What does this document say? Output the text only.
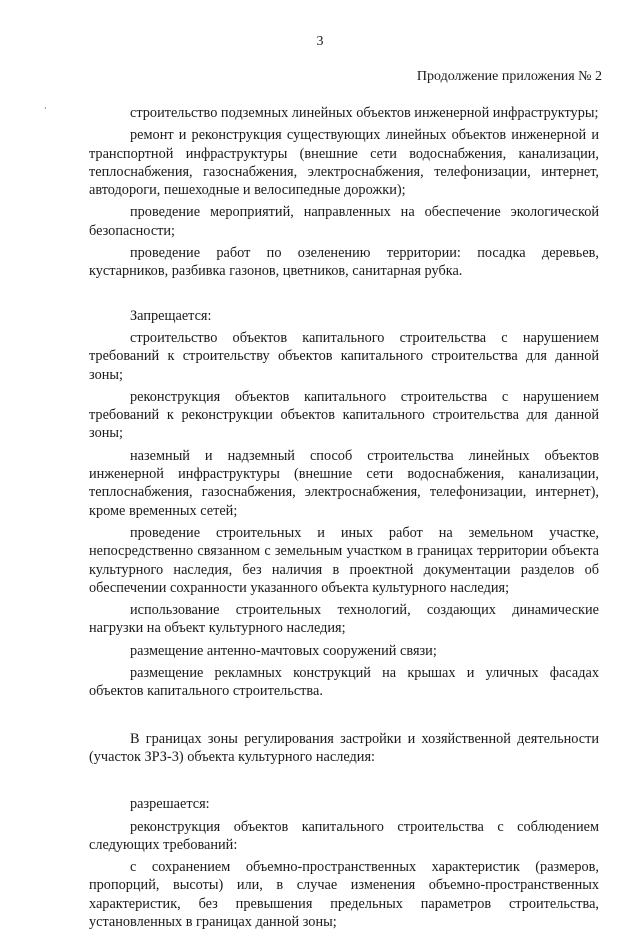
3
Продолжение приложения № 2
¸

строительство подземных линейных объектов инженерной инфраструктуры;

ремонт и реконструкция существующих линейных объектов инженерной и транспортной инфраструктуры (внешние сети водоснабжения, канализации, теплоснабжения, газоснабжения, электроснабжения, телефонизации, интернет, автодороги, пешеходные и велосипедные дорожки);

проведение мероприятий, направленных на обеспечение экологической безопасности;

проведение работ по озеленению территории: посадка деревьев, кустарников, разбивка газонов, цветников, санитарная рубка.

Запрещается:

строительство объектов капитального строительства с нарушением требований к строительству объектов капитального строительства для данной зоны;

реконструкция объектов капитального строительства с нарушением требований к реконструкции объектов капитального строительства для данной зоны;

наземный и надземный способ строительства линейных объектов инженерной инфраструктуры (внешние сети водоснабжения, канализации, теплоснабжения, газоснабжения, электроснабжения, телефонизации, интернет), кроме временных сетей;

проведение строительных и иных работ на земельном участке, непосредственно связанном с земельным участком в границах территории объекта культурного наследия, без наличия в проектной документации разделов об обеспечении сохранности указанного объекта культурного наследия;

использование строительных технологий, создающих динамические нагрузки на объект культурного наследия;

размещение антенно-мачтовых сооружений связи;

размещение рекламных конструкций на крышах и уличных фасадах объектов капитального строительства.

В границах зоны регулирования застройки и хозяйственной деятельности (участок ЗРЗ-3) объекта культурного наследия:

разрешается:

реконструкция объектов капитального строительства с соблюдением следующих требований:

с сохранением объемно-пространственных характеристик (размеров, пропорций, высоты) или, в случае изменения объемно-пространственных характеристик, без превышения предельных параметров строительства, установленных в границах данной зоны;
